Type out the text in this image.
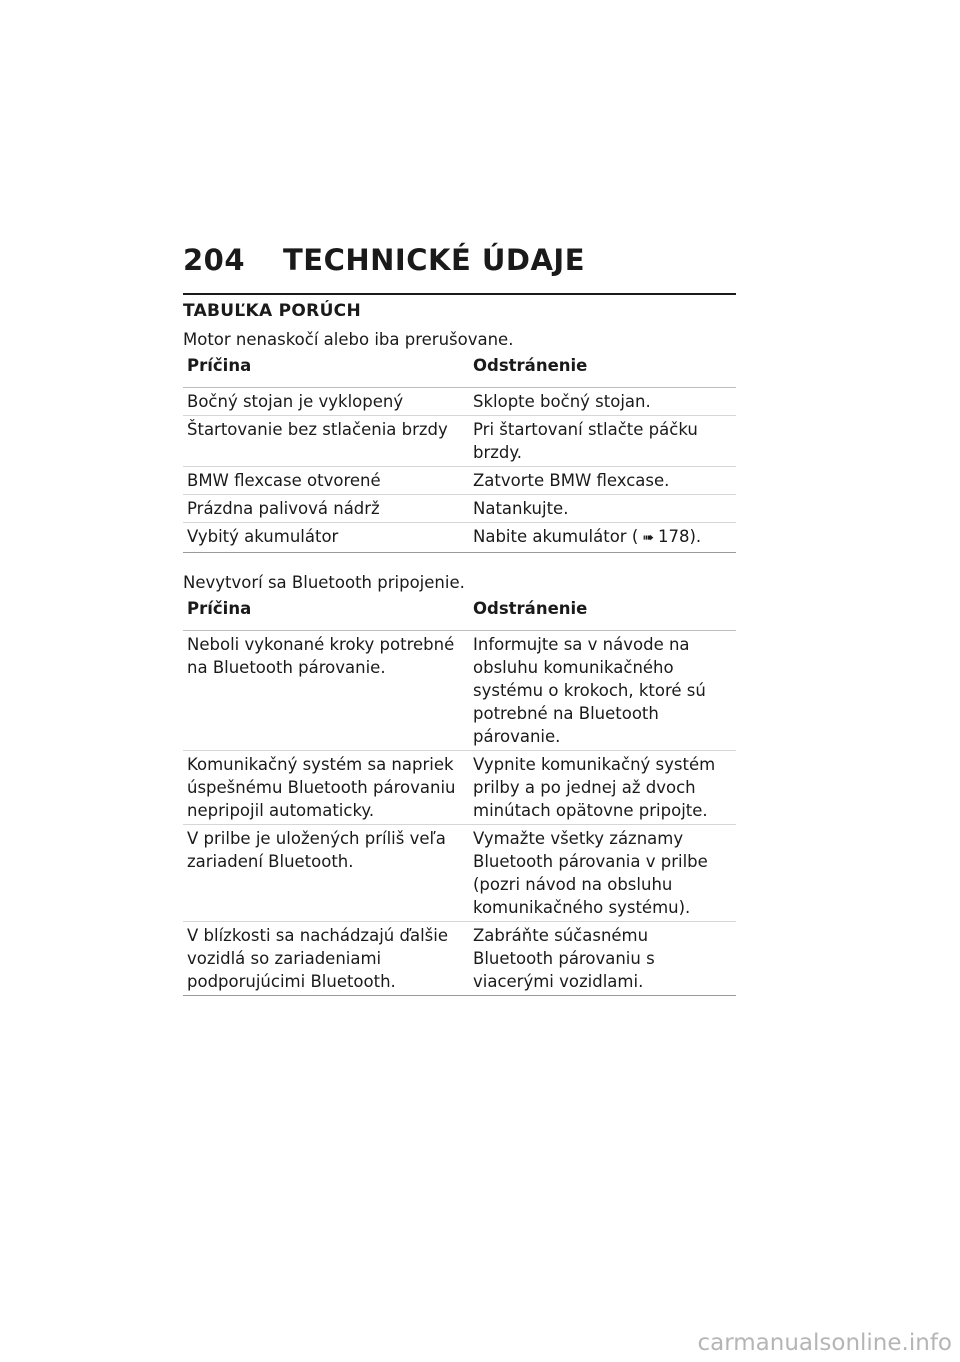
204	TECHNICKÉ ÚDAJE
TABUĽKA PORÚCH

Motor nenaskočí alebo iba prerušovane.

Príčina	Odstránenie
Bočný stojan je vyklopený	Sklopte bočný stojan.
Štartovanie bez stlačenia brzdy	Pri štartovaní stlačte páčku brzdy.
BMW flexcase otvorené	Zatvorte BMW flexcase.
Prázdna palivová nádrž	Natankujte.
Vybitý akumulátor	Nabite akumulátor ( ➠ 178).

Nevytvorí sa Bluetooth pripojenie.

Príčina	Odstránenie
Neboli vykonané kroky potrebné na Bluetooth párovanie.	Informujte sa v návode na obsluhu komunikačného systému o krokoch, ktoré sú potrebné na Bluetooth párovanie.
Komunikačný systém sa napriek úspešnému Bluetooth párovaniu nepripojil automaticky.	Vypnite komunikačný systém prilby a po jednej až dvoch minútach opätovne pripojte.
V prilbe je uložených príliš veľa zariadení Bluetooth.	Vymažte všetky záznamy Bluetooth párovania v prilbe (pozri návod na obsluhu komunikačného systému).
V blízkosti sa nachádzajú ďalšie vozidlá so zariadeniami podporujúcimi Bluetooth.	Zabráňte súčasnému Bluetooth párovaniu s viacerými vozidlami.
carmanualsonline.info
